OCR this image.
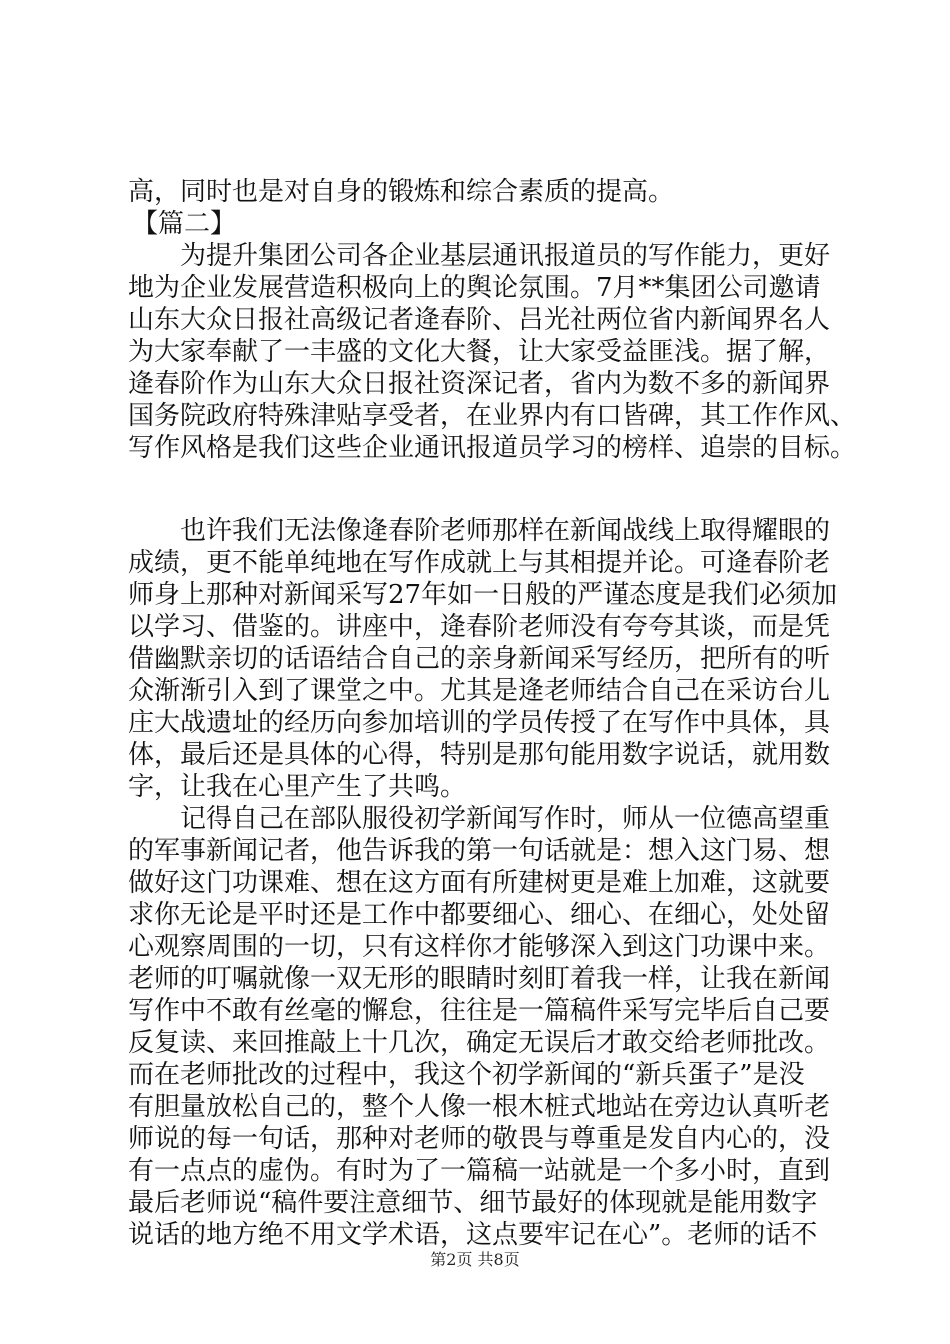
高，同时也是对自身的锻炼和综合素质的提高。
【篇二】
为提升集团公司各企业基层通讯报道员的写作能力，更好
地为企业发展营造积极向上的舆论氛围。7月**集团公司邀请
山东大众日报社高级记者逄春阶、吕光社两位省内新闻界名人
为大家奉献了一丰盛的文化大餐，让大家受益匪浅。据了解，
逄春阶作为山东大众日报社资深记者，省内为数不多的新闻界
国务院政府特殊津贴享受者，在业界内有口皆碑，其工作作风、
写作风格是我们这些企业通讯报道员学习的榜样、追崇的目标。
也许我们无法像逄春阶老师那样在新闻战线上取得耀眼的
成绩，更不能单纯地在写作成就上与其相提并论。可逄春阶老
师身上那种对新闻采写27年如一日般的严谨态度是我们必须加
以学习、借鉴的。讲座中，逄春阶老师没有夸夸其谈，而是凭
借幽默亲切的话语结合自己的亲身新闻采写经历，把所有的听
众渐渐引入到了课堂之中。尤其是逄老师结合自己在采访台儿
庄大战遗址的经历向参加培训的学员传授了在写作中具体，具
体，最后还是具体的心得，特别是那句能用数字说话，就用数
字，让我在心里产生了共鸣。
记得自己在部队服役初学新闻写作时，师从一位德高望重
的军事新闻记者，他告诉我的第一句话就是：想入这门易、想
做好这门功课难、想在这方面有所建树更是难上加难，这就要
求你无论是平时还是工作中都要细心、细心、在细心，处处留
心观察周围的一切，只有这样你才能够深入到这门功课中来。
老师的叮嘱就像一双无形的眼睛时刻盯着我一样，让我在新闻
写作中不敢有丝毫的懈怠，往往是一篇稿件采写完毕后自己要
反复读、来回推敲上十几次，确定无误后才敢交给老师批改。
而在老师批改的过程中，我这个初学新闻的“新兵蛋子”是没
有胆量放松自己的，整个人像一根木桩式地站在旁边认真听老
师说的每一句话，那种对老师的敬畏与尊重是发自内心的，没
有一点点的虚伪。有时为了一篇稿一站就是一个多小时，直到
最后老师说“稿件要注意细节、细节最好的体现就是能用数字
说话的地方绝不用文学术语，这点要牢记在心”。老师的话不
第2页 共8页
